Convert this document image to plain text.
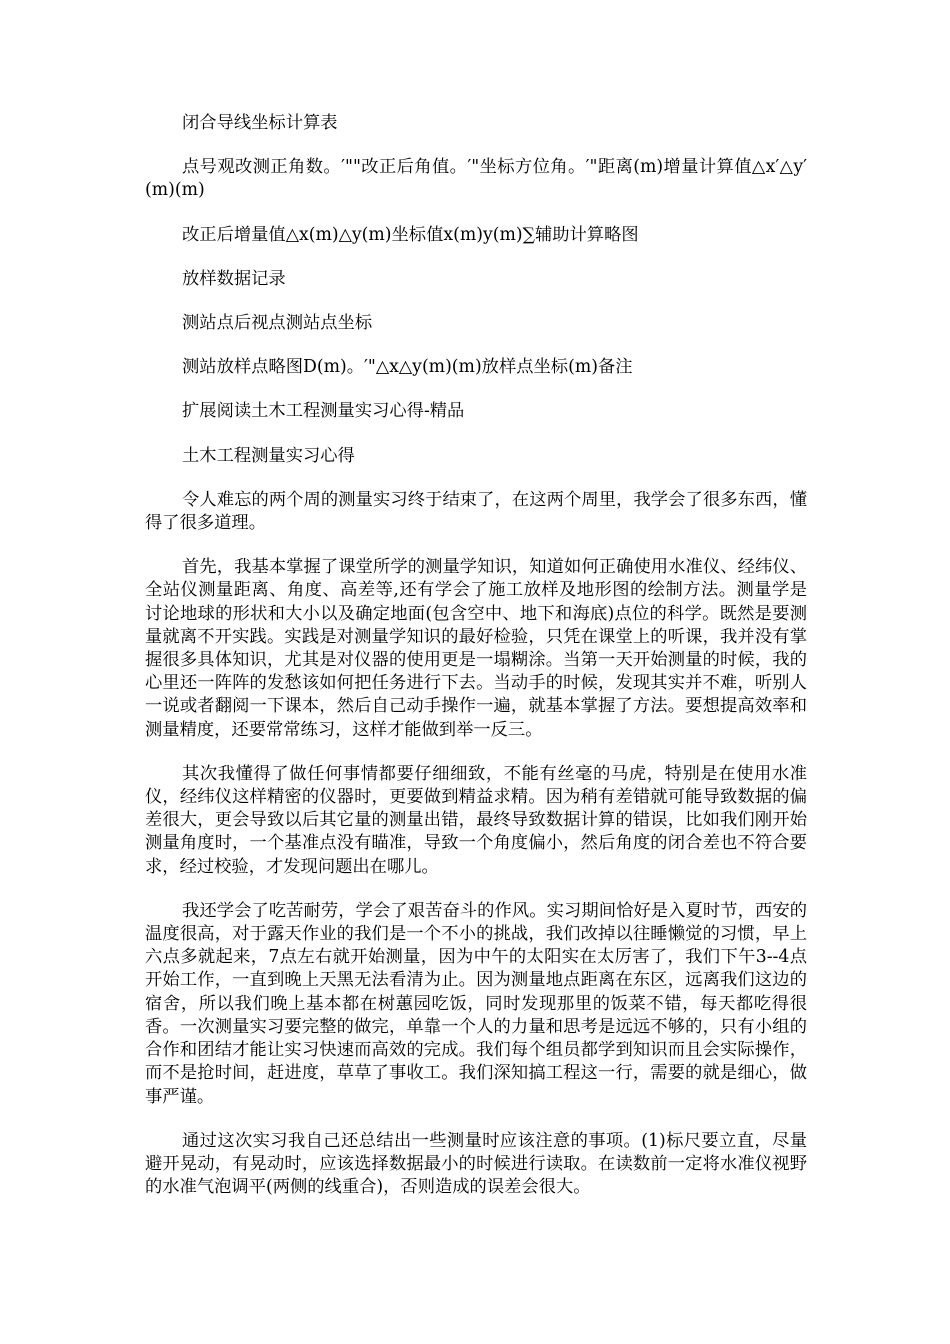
闭合导线坐标计算表

点号观改测正角数。′""改正后角值。′"坐标方位角。′"距离(m)增量计算值△x′△y′(m)(m)

改正后增量值△x(m)△y(m)坐标值x(m)y(m)∑辅助计算略图

放样数据记录

测站点后视点测站点坐标

测站放样点略图D(m)。′"△x△y(m)(m)放样点坐标(m)备注

扩展阅读土木工程测量实习心得-精品

土木工程测量实习心得

令人难忘的两个周的测量实习终于结束了，在这两个周里，我学会了很多东西，懂得了很多道理。

首先，我基本掌握了课堂所学的测量学知识，知道如何正确使用水准仪、经纬仪、全站仪测量距离、角度、高差等,还有学会了施工放样及地形图的绘制方法。测量学是讨论地球的形状和大小以及确定地面(包含空中、地下和海底)点位的科学。既然是要测量就离不开实践。实践是对测量学知识的最好检验，只凭在课堂上的听课，我并没有掌握很多具体知识，尤其是对仪器的使用更是一塌糊涂。当第一天开始测量的时候，我的心里还一阵阵的发愁该如何把任务进行下去。当动手的时候，发现其实并不难，听别人一说或者翻阅一下课本，然后自己动手操作一遍，就基本掌握了方法。要想提高效率和测量精度，还要常常练习，这样才能做到举一反三。

其次我懂得了做任何事情都要仔细细致，不能有丝毫的马虎，特别是在使用水准仪，经纬仪这样精密的仪器时，更要做到精益求精。因为稍有差错就可能导致数据的偏差很大，更会导致以后其它量的测量出错，最终导致数据计算的错误，比如我们刚开始测量角度时，一个基准点没有瞄准，导致一个角度偏小，然后角度的闭合差也不符合要求，经过校验，才发现问题出在哪儿。

我还学会了吃苦耐劳，学会了艰苦奋斗的作风。实习期间恰好是入夏时节，西安的温度很高，对于露天作业的我们是一个不小的挑战，我们改掉以往睡懒觉的习惯，早上六点多就起来，7点左右就开始测量，因为中午的太阳实在太厉害了，我们下午3--4点开始工作，一直到晚上天黑无法看清为止。因为测量地点距离在东区，远离我们这边的宿舍，所以我们晚上基本都在树蕙园吃饭，同时发现那里的饭菜不错，每天都吃得很香。一次测量实习要完整的做完，单靠一个人的力量和思考是远远不够的，只有小组的合作和团结才能让实习快速而高效的完成。我们每个组员都学到知识而且会实际操作，而不是抢时间，赶进度，草草了事收工。我们深知搞工程这一行，需要的就是细心，做事严谨。

通过这次实习我自己还总结出一些测量时应该注意的事项。(1)标尺要立直，尽量避开晃动，有晃动时，应该选择数据最小的时候进行读取。在读数前一定将水准仪视野的水准气泡调平(两侧的线重合)，否则造成的误差会很大。
